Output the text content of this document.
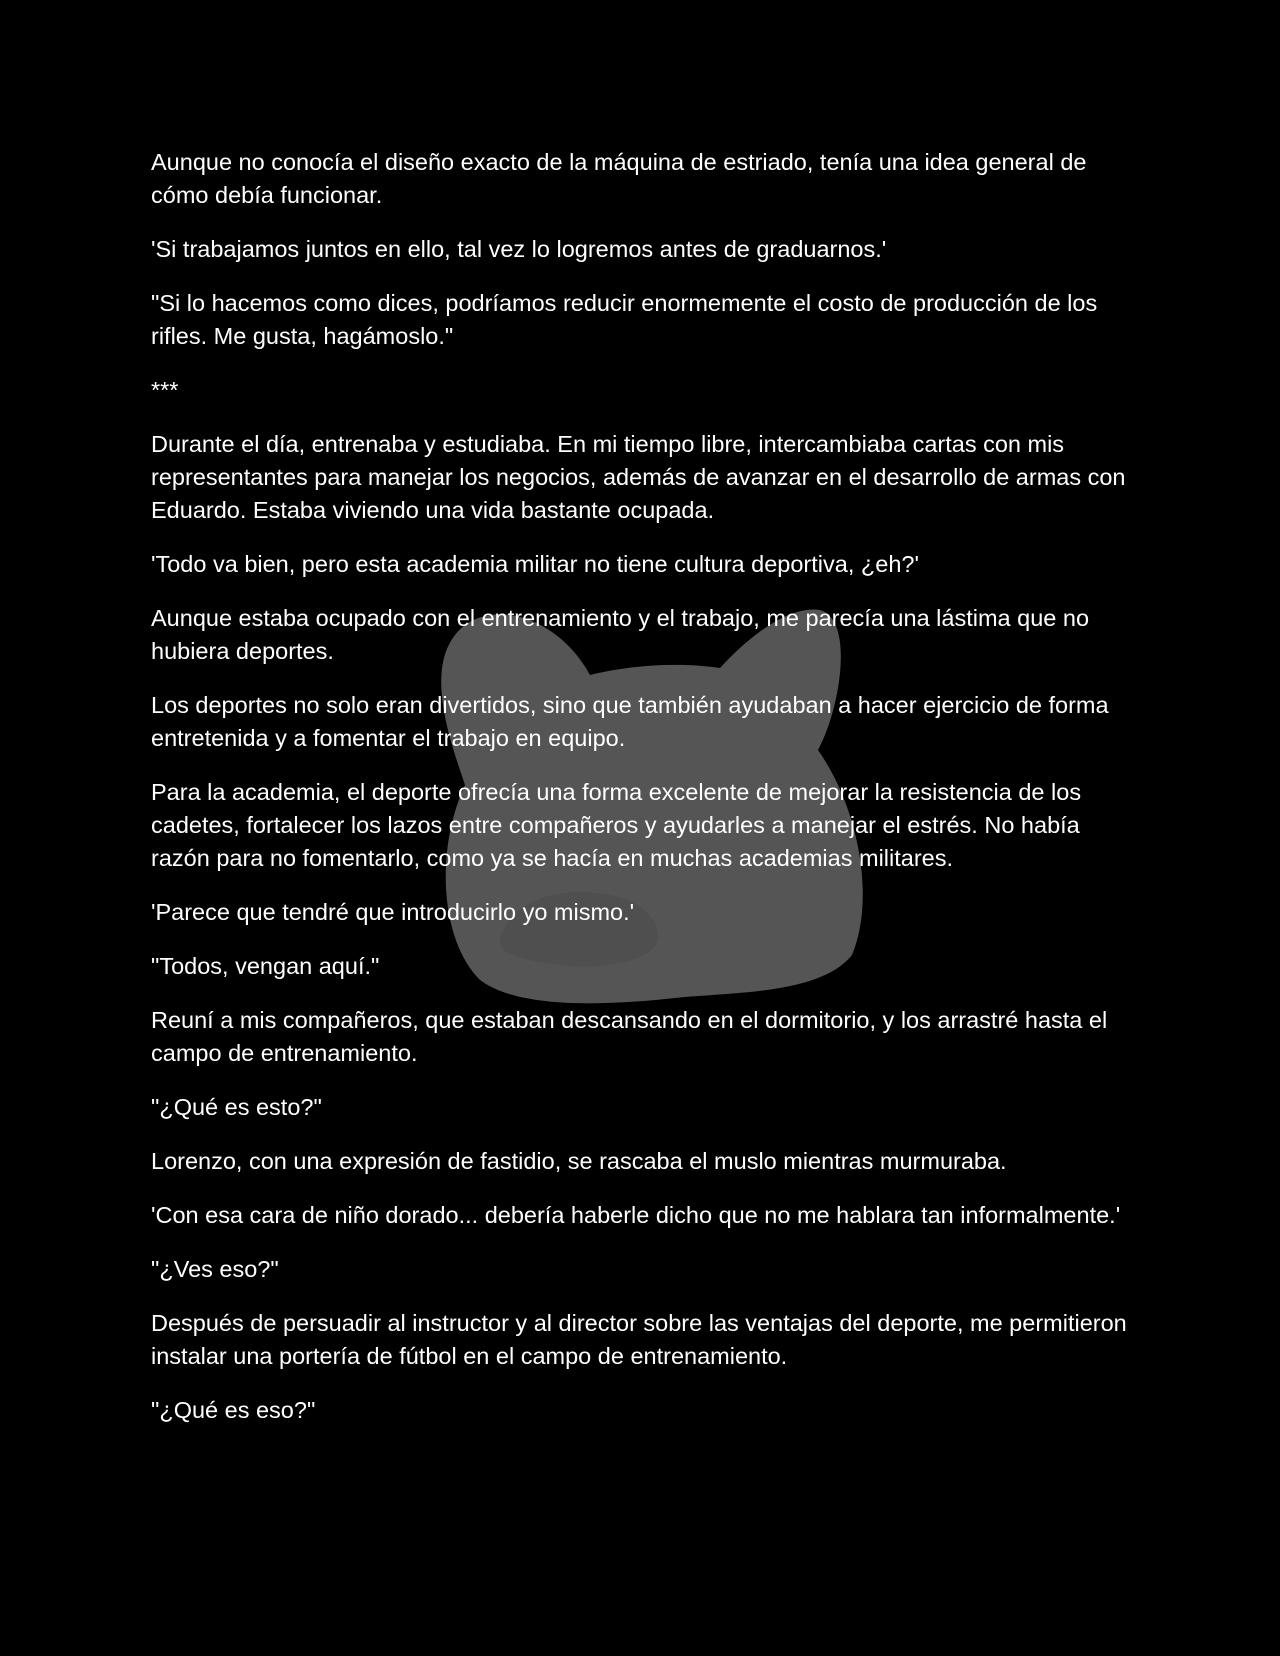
Aunque no conocía el diseño exacto de la máquina de estriado, tenía una idea general de cómo debía funcionar.

'Si trabajamos juntos en ello, tal vez lo logremos antes de graduarnos.'

"Si lo hacemos como dices, podríamos reducir enormemente el costo de producción de los rifles. Me gusta, hagámoslo."

***

Durante el día, entrenaba y estudiaba. En mi tiempo libre, intercambiaba cartas con mis representantes para manejar los negocios, además de avanzar en el desarrollo de armas con Eduardo. Estaba viviendo una vida bastante ocupada.

'Todo va bien, pero esta academia militar no tiene cultura deportiva, ¿eh?'

Aunque estaba ocupado con el entrenamiento y el trabajo, me parecía una lástima que no hubiera deportes.

Los deportes no solo eran divertidos, sino que también ayudaban a hacer ejercicio de forma entretenida y a fomentar el trabajo en equipo.

Para la academia, el deporte ofrecía una forma excelente de mejorar la resistencia de los cadetes, fortalecer los lazos entre compañeros y ayudarles a manejar el estrés. No había razón para no fomentarlo, como ya se hacía en muchas academias militares.

'Parece que tendré que introducirlo yo mismo.'

"Todos, vengan aquí."

Reuní a mis compañeros, que estaban descansando en el dormitorio, y los arrastré hasta el campo de entrenamiento.

"¿Qué es esto?"

Lorenzo, con una expresión de fastidio, se rascaba el muslo mientras murmuraba.

'Con esa cara de niño dorado... debería haberle dicho que no me hablara tan informalmente.'

"¿Ves eso?"

Después de persuadir al instructor y al director sobre las ventajas del deporte, me permitieron instalar una portería de fútbol en el campo de entrenamiento.

"¿Qué es eso?"
